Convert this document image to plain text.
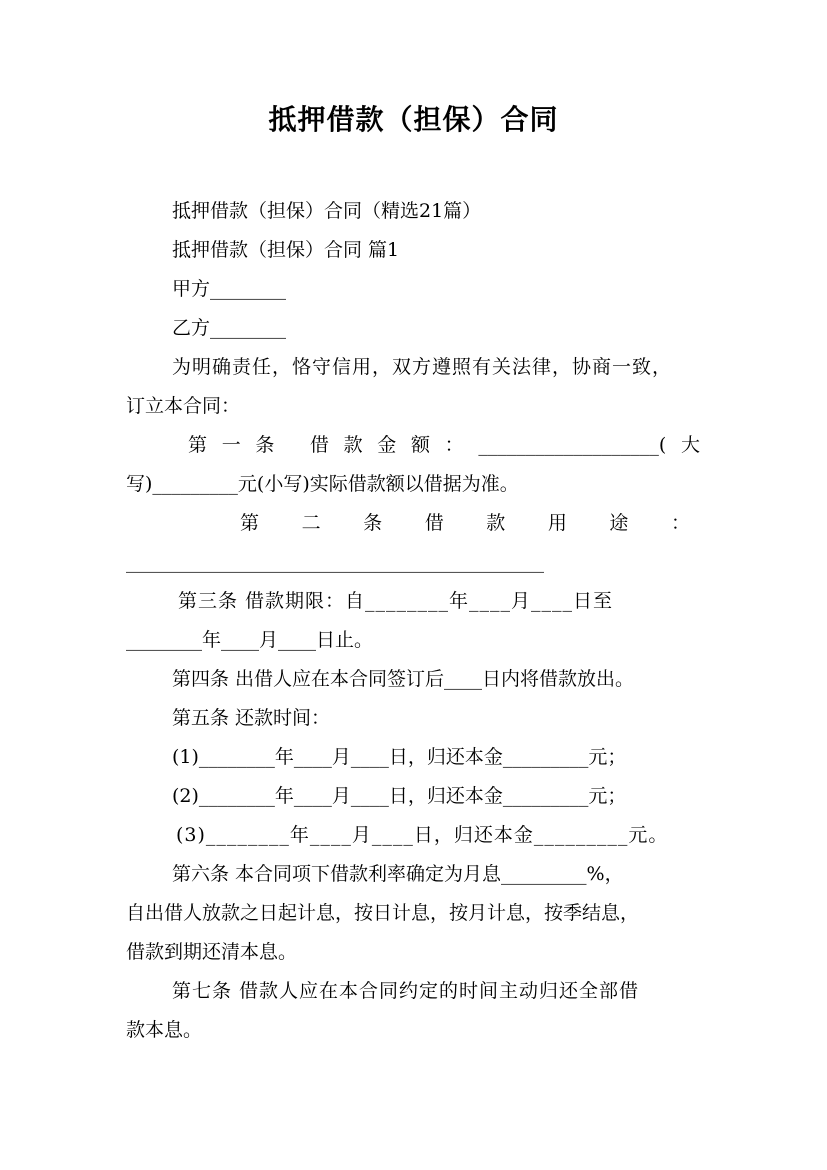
抵押借款（担保）合同
抵押借款（担保）合同（精选21篇）
抵押借款（担保）合同 篇1
甲方________
乙方________
为明确责任，恪守信用，双方遵照有关法律，协商一致，
订立本合同：
第一条 借款金额：___________________(大
写)_________元(小写)实际借款额以借据为准。
第 二 条 借 款 用 途 ：
____________________________________________
第三条 借款期限：自________年____月____日至
________年____月____日止。
第四条 出借人应在本合同签订后____日内将借款放出。
第五条 还款时间：
(1)________年____月____日，归还本金_________元；
(2)________年____月____日，归还本金_________元；
(3)________年____月____日，归还本金_________元。
第六条 本合同项下借款利率确定为月息_________%，
自出借人放款之日起计息，按日计息，按月计息，按季结息，
借款到期还清本息。
第七条 借款人应在本合同约定的时间主动归还全部借
款本息。
